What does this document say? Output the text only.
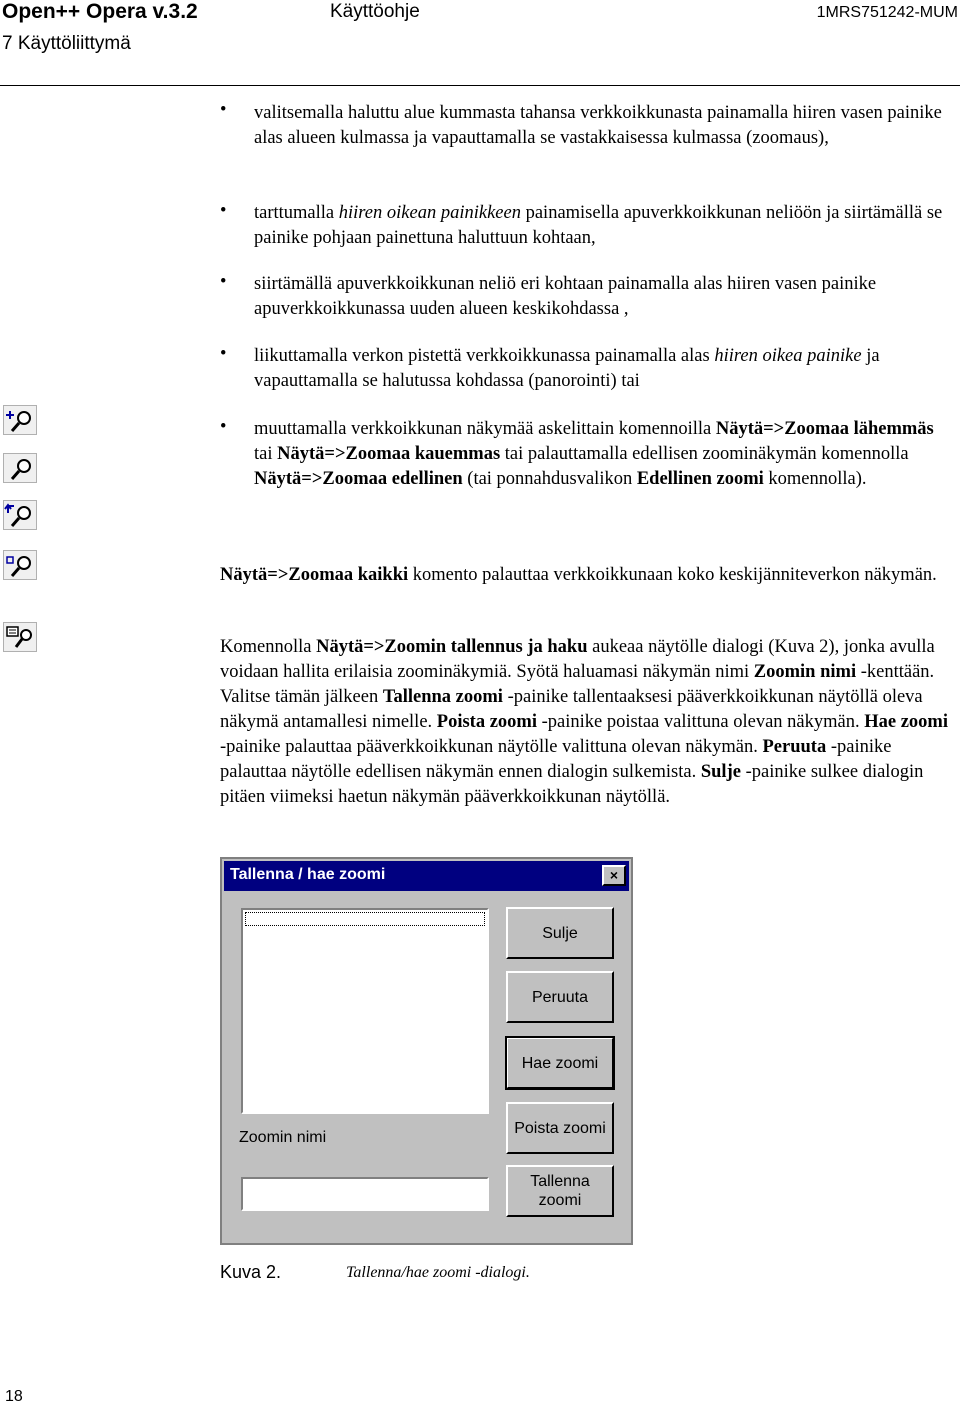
Open++ Opera v.3.2
7 Käyttöliittymä
Käyttöohje	1MRS751242-MUM
• valitsemalla haluttu alue kummasta tahansa verkkoikkunasta painamalla hiiren vasen painike alas alueen kulmassa ja vapauttamalla se vastakkaisessa kulmassa (zoomaus),
• tarttumalla hiiren oikean painikkeen painamisella apuverkkoikkunan neliöön ja siirtämällä se painike pohjaan painettuna haluttuun kohtaan,
• siirtämällä apuverkkoikkunan neliö eri kohtaan painamalla alas hiiren vasen painike apuverkkoikkunassa uuden alueen keskikohdassa ,
• liikuttamalla verkon pistettä verkkoikkunassa painamalla alas hiiren oikea painike ja vapauttamalla se halutussa kohdassa (panorointi) tai
• muuttamalla verkkoikkunan näkymää askelittain komennoilla Näytä=>Zoomaa lähemmäs tai Näytä=>Zoomaa kauemmas tai palauttamalla edellisen zoominäkymän komennolla Näytä=>Zoomaa edellinen (tai ponnahdusvalikon Edellinen zoomi komennolla).
Näytä=>Zoomaa kaikki komento palauttaa verkkoikkunaan koko keskijänniteverkon näkymän.
Komennolla Näytä=>Zoomin tallennus ja haku aukeaa näytölle dialogi (Kuva 2), jonka avulla voidaan hallita erilaisia zoominäkymiä. Syötä haluamasi näkymän nimi Zoomin nimi -kenttään. Valitse tämän jälkeen Tallenna zoomi -painike tallentaaksesi pääverkkoikkunan näytöllä oleva näkymä antamallesi nimelle. Poista zoomi -painike poistaa valittuna olevan näkymän. Hae zoomi -painike palauttaa pääverkkoikkunan näytölle valittuna olevan näkymän. Peruuta -painike palauttaa näytölle edellisen näkymän ennen dialogin sulkemista. Sulje -painike sulkee dialogin pitäen viimeksi haetun näkymän pääverkkoikkunan näytöllä.
Tallenna / hae zoomi	×
Zoomin nimi
Sulje
Peruuta
Hae zoomi
Poista zoomi
Tallenna
zoomi
Kuva 2.	Tallenna/hae zoomi -dialogi.
18
